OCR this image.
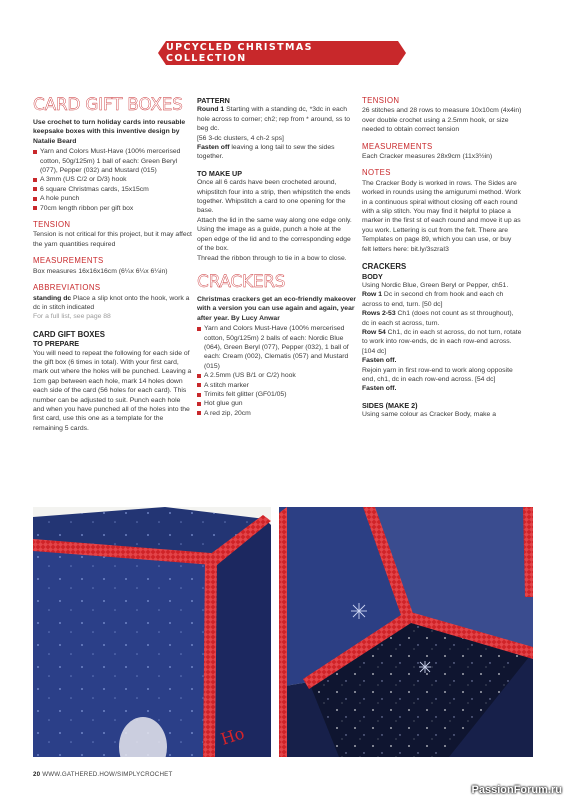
UPCYCLED CHRISTMAS COLLECTION
CARD GIFT BOXES
Use crochet to turn holiday cards into reusable keepsake boxes with this inventive design by Natalie Beard
Yarn and Colors Must-Have (100% mercerised cotton, 50g/125m) 1 ball of each: Green Beryl (077), Pepper (032) and Mustard (015)
A 3mm (US C/2 or D/3) hook
6 square Christmas cards, 15x15cm
A hole punch
70cm length ribbon per gift box
TENSION
Tension is not critical for this project, but it may affect the yarn quantities required
MEASUREMENTS
Box measures 16x16x16cm (6¼x 6¼x 6¼in)
ABBREVIATIONS
standing dc Place a slip knot onto the hook, work a dc in stitch indicated
For a full list, see page 88
CARD GIFT BOXES
TO PREPARE
You will need to repeat the following for each side of the gift box (6 times in total). With your first card, mark out where the holes will be punched. Leaving a 1cm gap between each hole, mark 14 holes down each side of the card (56 holes for each card). This number can be adjusted to suit. Punch each hole and when you have punched all of the holes into the first card, use this one as a template for the remaining 5 cards.
PATTERN
Round 1 Starting with a standing dc, *3dc in each hole across to corner; ch2; rep from * around, ss to beg dc.
[56 3-dc clusters, 4 ch-2 sps]
Fasten off leaving a long tail to sew the sides together.
TO MAKE UP
Once all 6 cards have been crocheted around, whipstitch four into a strip, then whipstitch the ends together. Whipstitch a card to one opening for the base.
Attach the lid in the same way along one edge only. Using the image as a guide, punch a hole at the open edge of the lid and to the corresponding edge of the box.
Thread the ribbon through to tie in a bow to close.
CRACKERS
Christmas crackers get an eco-friendly makeover with a version you can use again and again, year after year. By Lucy Anwar
Yarn and Colors Must-Have (100% mercerised cotton, 50g/125m) 2 balls of each: Nordic Blue (064), Green Beryl (077), Pepper (032), 1 ball of each: Cream (002), Clematis (057) and Mustard (015)
A 2.5mm (US B/1 or C/2) hook
A stitch marker
Trimits felt glitter (GF01/05)
Hot glue gun
A red zip, 20cm
TENSION
26 stitches and 28 rows to measure 10x10cm (4x4in) over double crochet using a 2.5mm hook, or size needed to obtain correct tension
MEASUREMENTS
Each Cracker measures 28x9cm (11x3½in)
NOTES
The Cracker Body is worked in rows. The Sides are worked in rounds using the amigurumi method. Work in a continuous spiral without closing off each round with a slip stitch. You may find it helpful to place a marker in the first st of each round and move it up as you work. Lettering is cut from the felt. There are Templates on page 89, which you can use, or buy felt letters here: bit.ly/3szraI3
CRACKERS
BODY
Using Nordic Blue, Green Beryl or Pepper, ch51.
Row 1 Dc in second ch from hook and each ch across to end, turn. [50 dc]
Rows 2-53 Ch1 (does not count as st throughout), dc in each st across, turn.
Row 54 Ch1, dc in each st across, do not turn, rotate to work into row-ends, dc in each row-end across. [104 dc]
Fasten off.
Rejoin yarn in first row-end to work along opposite end, ch1, dc in each row-end across. [54 dc]
Fasten off.
SIDES (MAKE 2)
Using same colour as Cracker Body, make a
Ho
20 WWW.GATHERED.HOW/SIMPLYCROCHET
PassionForum.ru
